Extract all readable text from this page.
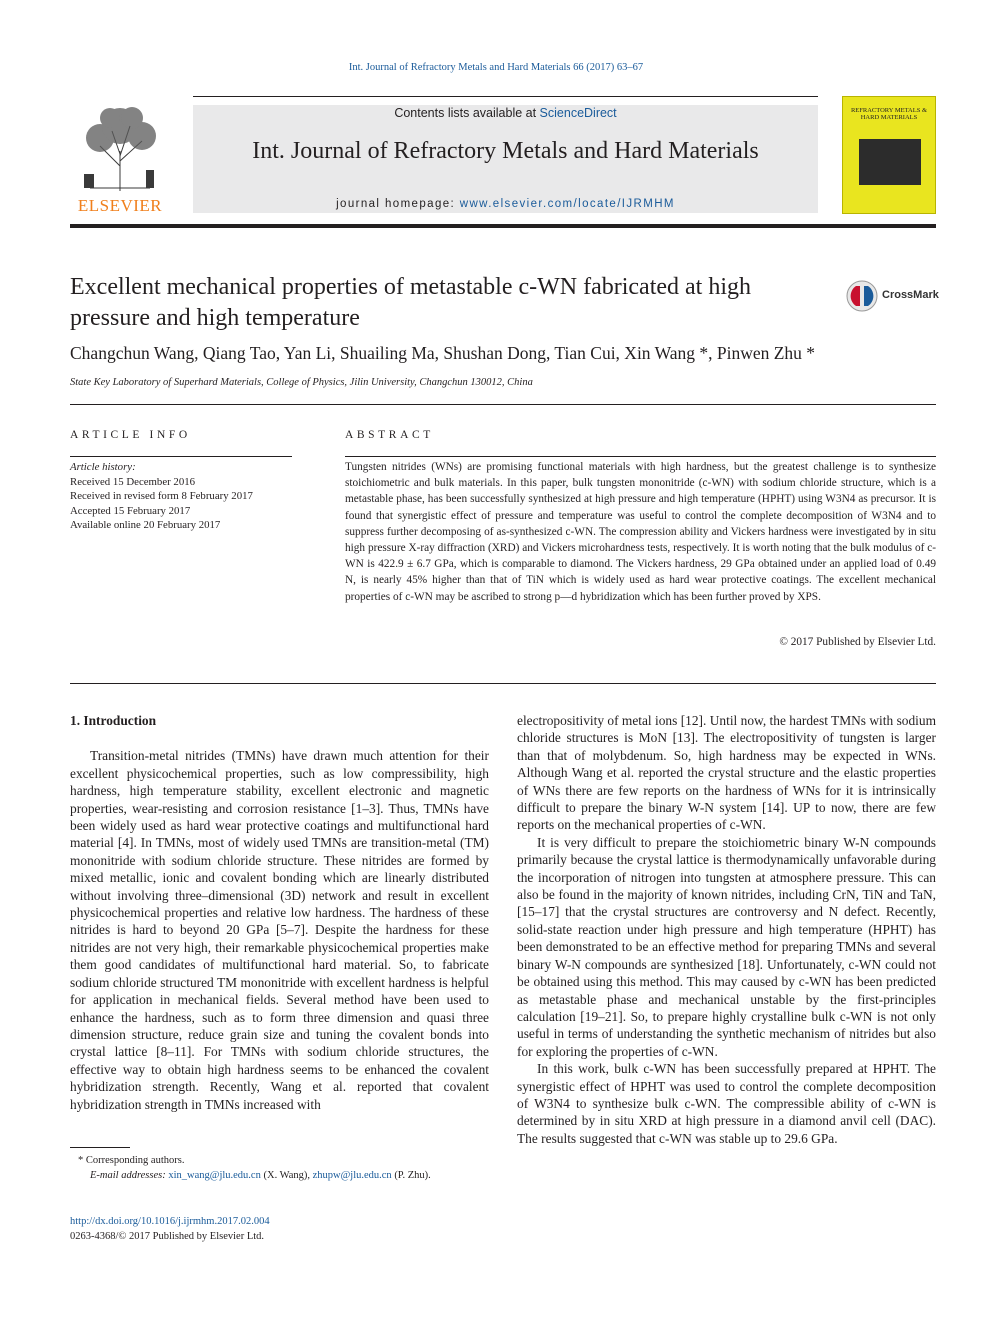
Int. Journal of Refractory Metals and Hard Materials 66 (2017) 63–67
ELSEVIER
Contents lists available at ScienceDirect
Int. Journal of Refractory Metals and Hard Materials
journal homepage: www.elsevier.com/locate/IJRMHM
REFRACTORY METALS & HARD MATERIALS
Excellent mechanical properties of metastable c-WN fabricated at high pressure and high temperature
CrossMark
Changchun Wang, Qiang Tao, Yan Li, Shuailing Ma, Shushan Dong, Tian Cui, Xin Wang *, Pinwen Zhu *
State Key Laboratory of Superhard Materials, College of Physics, Jilin University, Changchun 130012, China
ARTICLE INFO	ABSTRACT
Article history:
Received 15 December 2016
Received in revised form 8 February 2017
Accepted 15 February 2017
Available online 20 February 2017
Tungsten nitrides (WNs) are promising functional materials with high hardness, but the greatest challenge is to synthesize stoichiometric and bulk materials. In this paper, bulk tungsten mononitride (c-WN) with sodium chloride structure, which is a metastable phase, has been successfully synthesized at high pressure and high temperature (HPHT) using W3N4 as precursor. It is found that synergistic effect of pressure and temperature was useful to control the complete decomposition of W3N4 and to suppress further decomposing of as-synthesized c-WN. The compression ability and Vickers hardness were investigated by in situ high pressure X-ray diffraction (XRD) and Vickers microhardness tests, respectively. It is worth noting that the bulk modulus of c-WN is 422.9 ± 6.7 GPa, which is comparable to diamond. The Vickers hardness, 29 GPa obtained under an applied load of 0.49 N, is nearly 45% higher than that of TiN which is widely used as hard wear protective coatings. The excellent mechanical properties of c-WN may be ascribed to strong p—d hybridization which has been further proved by XPS.
© 2017 Published by Elsevier Ltd.
1. Introduction

Transition-metal nitrides (TMNs) have drawn much attention for their excellent physicochemical properties, such as low compressibility, high hardness, high temperature stability, excellent electronic and magnetic properties, wear-resisting and corrosion resistance [1–3]. Thus, TMNs have been widely used as hard wear protective coatings and multifunctional hard material [4]. In TMNs, most of widely used TMNs are transition-metal (TM) mononitride with sodium chloride structure. These nitrides are formed by mixed metallic, ionic and covalent bonding which are linearly distributed without involving three–dimensional (3D) network and result in excellent physicochemical properties and relative low hardness. The hardness of these nitrides is hard to beyond 20 GPa [5–7]. Despite the hardness for these nitrides are not very high, their remarkable physicochemical properties make them good candidates of multifunctional hard material. So, to fabricate sodium chloride structured TM mononitride with excellent hardness is helpful for application in mechanical fields. Several method have been used to enhance the hardness, such as to form three dimension and quasi three dimension structure, reduce grain size and tuning the covalent bonds into crystal lattice [8–11]. For TMNs with sodium chloride structures, the effective way to obtain high hardness seems to be enhanced the covalent hybridization strength. Recently, Wang et al. reported that covalent hybridization strength in TMNs increased with

electropositivity of metal ions [12]. Until now, the hardest TMNs with sodium chloride structures is MoN [13]. The electropositivity of tungsten is larger than that of molybdenum. So, high hardness may be expected in WNs. Although Wang et al. reported the crystal structure and the elastic properties of WNs there are few reports on the hardness of WNs for it is intrinsically difficult to prepare the binary W-N system [14]. UP to now, there are few reports on the mechanical properties of c-WN.

It is very difficult to prepare the stoichiometric binary W-N compounds primarily because the crystal lattice is thermodynamically unfavorable during the incorporation of nitrogen into tungsten at atmosphere pressure. This can also be found in the majority of known nitrides, including CrN, TiN and TaN, [15–17] that the crystal structures are controversy and N defect. Recently, solid-state reaction under high pressure and high temperature (HPHT) has been demonstrated to be an effective method for preparing TMNs and several binary W-N compounds are synthesized [18]. Unfortunately, c-WN could not be obtained using this method. This may caused by c-WN has been predicted as metastable phase and mechanical unstable by the first-principles calculation [19–21]. So, to prepare highly crystalline bulk c-WN is not only useful in terms of understanding the synthetic mechanism of nitrides but also for exploring the properties of c-WN.

In this work, bulk c-WN has been successfully prepared at HPHT. The synergistic effect of HPHT was used to control the complete decomposition of W3N4 to synthesize bulk c-WN. The compressible ability of c-WN is determined by in situ XRD at high pressure in a diamond anvil cell (DAC). The results suggested that c-WN was stable up to 29.6 GPa.

* Corresponding authors.
E-mail addresses: xin_wang@jlu.edu.cn (X. Wang), zhupw@jlu.edu.cn (P. Zhu).
http://dx.doi.org/10.1016/j.ijrmhm.2017.02.004
0263-4368/© 2017 Published by Elsevier Ltd.
